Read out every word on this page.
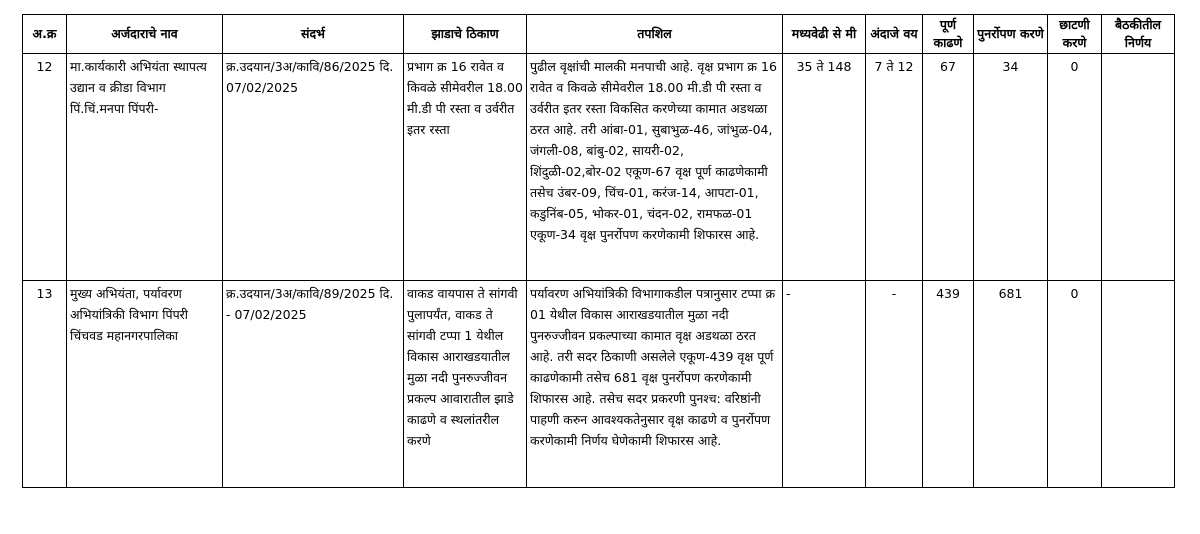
अ.क्र	अर्जदाराचे नाव	संदर्भ	झाडाचे ठिकाण	तपशिल	मध्यवेढी से मी	अंदाजे वय	पूर्ण काढणे	पुनर्रोपण करणे	छाटणी करणे	बैठकीतील निर्णय
12	मा.कार्यकारी अभियंता स्थापत्य उद्यान व क्रीडा विभाग पिं.चिं.मनपा पिंपरी-	क्र.उदयान/3अ/कावि/86/2025 दि. 07/02/2025	प्रभाग क्र 16 रावेत व किवळे सीमेवरील 18.00 मी.डी पी रस्ता व उर्वरीत इतर रस्ता	पुढील वृक्षांची मालकी मनपाची आहे. वृक्ष प्रभाग क्र 16 रावेत व किवळे सीमेवरील 18.00 मी.डी पी रस्ता व उर्वरीत इतर रस्ता विकसित करणेच्या कामात अडथळा ठरत आहे. तरी आंबा-01, सुबाभुळ-46, जांभुळ-04, जंगली-08, बांबु-02, सायरी-02, शिंदुळी-02,बोर-02 एकूण-67 वृक्ष पूर्ण काढणेकामी तसेच उंबर-09, चिंच-01, करंज-14, आपटा-01, कडुनिंब-05, भोकर-01, चंदन-02, रामफळ-01 एकूण-34 वृक्ष पुनर्रोपण करणेकामी शिफारस आहे.	35 ते 148	7 ते 12	67	34	0	
13	मुख्य अभियंता, पर्यावरण अभियांत्रिकी विभाग पिंपरी चिंचवड महानगरपालिका	क्र.उदयान/3अ/कावि/89/2025 दि. - 07/02/2025	वाकड वायपास ते सांगवी पुलापर्यंत, वाकड ते सांगवी टप्पा 1 येथील विकास आराखडयातील मुळा नदी पुनरुज्जीवन प्रकल्प आवारातील झाडे काढणे व स्थलांतरील करणे	पर्यावरण अभियांत्रिकी विभागाकडील पत्रानुसार टप्पा क्र 01 येथील विकास आराखडयातील मुळा नदी पुनरुज्जीवन प्रकल्पाच्या कामात वृक्ष अडथळा ठरत आहे. तरी सदर ठिकाणी असलेले एकूण-439 वृक्ष पूर्ण काढणेकामी तसेच 681 वृक्ष पुनर्रोपण करणेकामी शिफारस आहे. तसेच सदर प्रकरणी पुनश्च: वरिष्ठांनी पाहणी करुन आवश्यकतेनुसार वृक्ष काढणे व पुनर्रोपण करणेकामी निर्णय घेणेकामी शिफारस आहे.	-	-	439	681	0	
